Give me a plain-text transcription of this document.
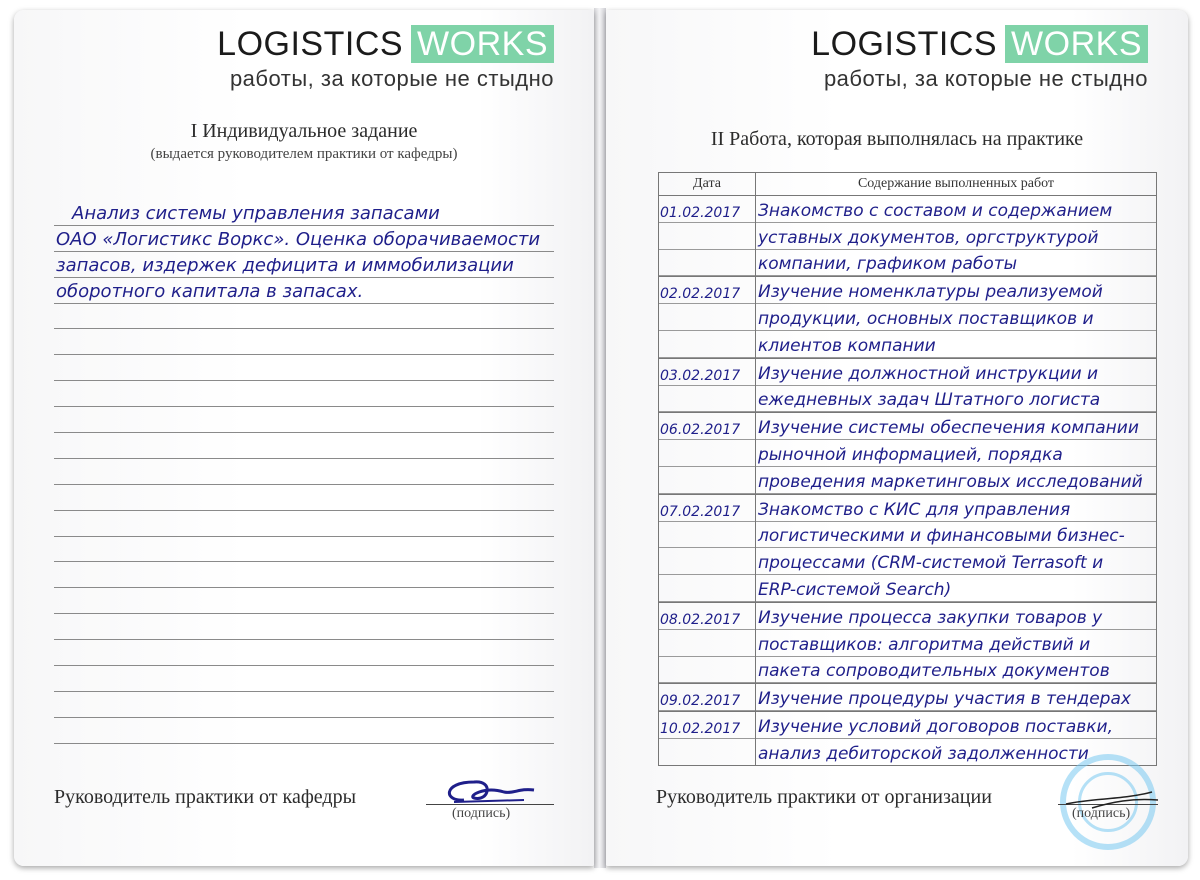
LOGISTICS WORKS
работы, за которые не стыдно
I Индивидуальное задание
(выдается руководителем практики от кафедры)
Анализ системы управления запасами
ОАО «Логистикс Воркс». Оценка оборачиваемости
запасов, издержек дефицита и иммобилизации
оборотного капитала в запасах.
Руководитель практики от кафедры
(подпись)
LOGISTICS WORKS
работы, за которые не стыдно
II Работа, которая выполнялась на практике
Дата	Содержание выполненных работ

01.02.2017	Знакомство с составом и содержанием
уставных документов, оргструктурой
компании, графиком работы

02.02.2017	Изучение номенклатуры реализуемой
продукции, основных поставщиков и
клиентов компании

03.02.2017	Изучение должностной инструкции и
ежедневных задач Штатного логиста

06.02.2017	Изучение системы обеспечения компании
рыночной информацией, порядка
проведения маркетинговых исследований

07.02.2017	Знакомство с КИС для управления
логистическими и финансовыми бизнес-
процессами (CRM-системой Terrasoft и
ERP-системой Search)

08.02.2017	Изучение процесса закупки товаров у
поставщиков: алгоритма действий и
пакета сопроводительных документов

09.02.2017	Изучение процедуры участия в тендерах

10.02.2017	Изучение условий договоров поставки,
анализ дебиторской задолженности
Руководитель практики от организации
(подпись)
